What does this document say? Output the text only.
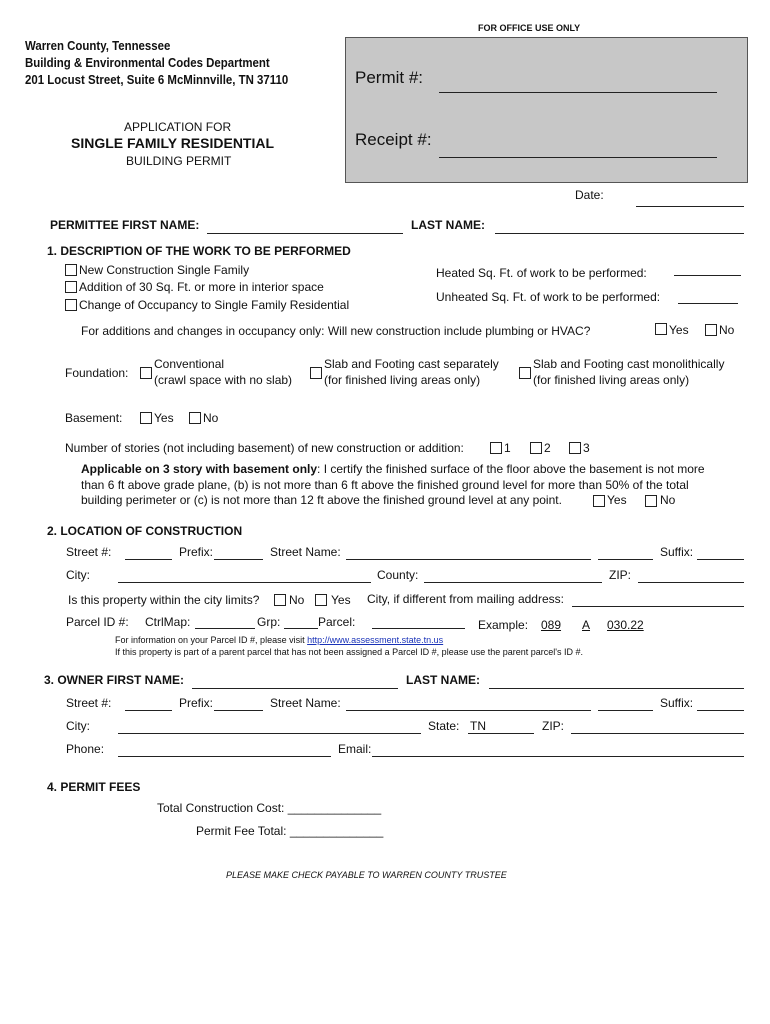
FOR OFFICE USE ONLY
Permit #:
Receipt #:
Date:
Warren County, Tennessee
Building & Environmental Codes Department
201 Locust Street, Suite 6 McMinnville, TN 37110
APPLICATION FOR
SINGLE FAMILY RESIDENTIAL
BUILDING PERMIT
PERMITTEE FIRST NAME:	LAST NAME:
1. DESCRIPTION OF THE WORK TO BE PERFORMED
New Construction Single Family
Addition of 30 Sq. Ft. or more in interior space
Change of Occupancy to Single Family Residential
Heated Sq. Ft. of work to be performed:
Unheated Sq. Ft. of work to be performed:
For additions and changes in occupancy only: Will new construction include plumbing or HVAC?	Yes	No
Foundation:
Conventional
(crawl space with no slab)
Slab and Footing cast separately
(for finished living areas only)
Slab and Footing cast monolithically
(for finished living areas only)
Basement:	Yes No
Number of stories (not including basement) of new construction or addition:	1	2	3
Applicable on 3 story with basement only: I certify the finished surface of the floor above the basement is not more
than 6 ft above grade plane, (b) is not more than 6 ft above the finished ground level for more than 50% of the total
building perimeter or (c) is not more than 12 ft above the finished ground level at any point.	Yes	No
2. LOCATION OF CONSTRUCTION
Street #:	Prefix:	Street Name:	Suffix:
City:	County:	ZIP:
Is this property within the city limits? No Yes City, if different from mailing address:
Parcel ID #: CtrlMap:	Grp:	Parcel:	Example: 089 A 030.22
For information on your Parcel ID #, please visit http://www.assessment.state.tn.us
If this property is part of a parent parcel that has not been assigned a Parcel ID #, please use the parent parcel's ID #.
3. OWNER FIRST NAME:	LAST NAME:
Street #:	Prefix:	Street Name:	Suffix:
City:	State: TN	ZIP:
Phone:	Email:
4. PERMIT FEES
Total Construction Cost: ______________
Permit Fee Total: ______________
PLEASE MAKE CHECK PAYABLE TO WARREN COUNTY TRUSTEE
